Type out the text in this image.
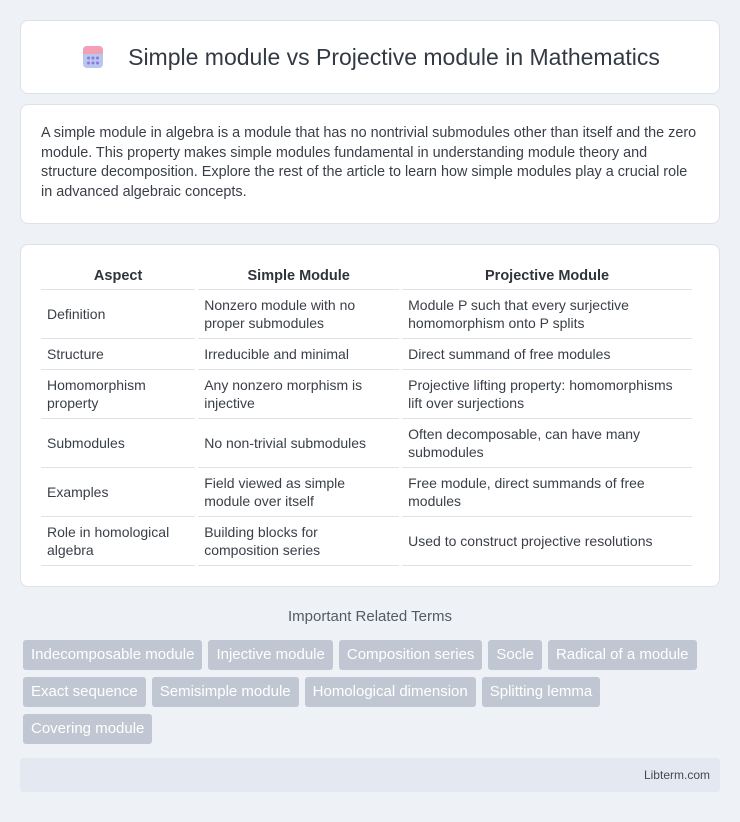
Simple module vs Projective module in Mathematics

A simple module in algebra is a module that has no nontrivial submodules other than itself and the zero module. This property makes simple modules fundamental in understanding module theory and structure decomposition. Explore the rest of the article to learn how simple modules play a crucial role in advanced algebraic concepts.

Aspect	Simple Module	Projective Module
Definition	Nonzero module with no proper submodules	Module P such that every surjective homomorphism onto P splits
Structure	Irreducible and minimal	Direct summand of free modules
Homomorphism property	Any nonzero morphism is injective	Projective lifting property: homomorphisms lift over surjections
Submodules	No non-trivial submodules	Often decomposable, can have many submodules
Examples	Field viewed as simple module over itself	Free module, direct summands of free modules
Role in homological algebra	Building blocks for composition series	Used to construct projective resolutions
Important Related Terms
Indecomposable module	Injective module	Composition series	Socle	Radical of a module
Exact sequence	Semisimple module	Homological dimension	Splitting lemma
Covering module
Libterm.com
